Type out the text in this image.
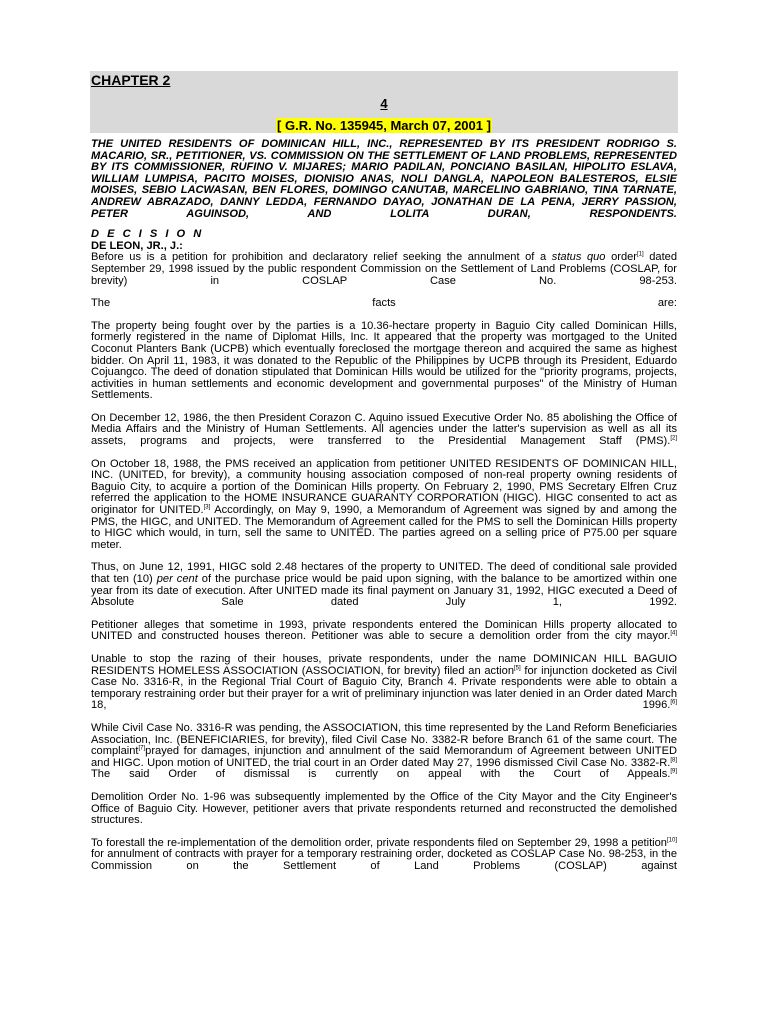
CHAPTER 2
4
[ G.R. No. 135945, March 07, 2001 ]

THE UNITED RESIDENTS OF DOMINICAN HILL, INC., REPRESENTED BY ITS PRESIDENT RODRIGO S. MACARIO, SR., PETITIONER, VS. COMMISSION ON THE SETTLEMENT OF LAND PROBLEMS, REPRESENTED BY ITS COMMISSIONER, RUFINO V. MIJARES; MARIO PADILAN, PONCIANO BASILAN, HIPOLITO ESLAVA, WILLIAM LUMPISA, PACITO MOISES, DIONISIO ANAS, NOLI DANGLA, NAPOLEON BALESTEROS, ELSIE MOISES, SEBIO LACWASAN, BEN FLORES, DOMINGO CANUTAB, MARCELINO GABRIANO, TINA TARNATE, ANDREW ABRAZADO, DANNY LEDDA, FERNANDO DAYAO, JONATHAN DE LA PENA, JERRY PASSION, PETER AGUINSOD, AND LOLITA DURAN, RESPONDENTS.

D E C I S I O N

DE LEON, JR., J.:

Before us is a petition for prohibition and declaratory relief seeking the annulment of a status quo order[1] dated September 29, 1998 issued by the public respondent Commission on the Settlement of Land Problems (COSLAP, for brevity) in COSLAP Case No. 98-253.

The facts are:

The property being fought over by the parties is a 10.36-hectare property in Baguio City called Dominican Hills, formerly registered in the name of Diplomat Hills, Inc. It appeared that the property was mortgaged to the United Coconut Planters Bank (UCPB) which eventually foreclosed the mortgage thereon and acquired the same as highest bidder. On April 11, 1983, it was donated to the Republic of the Philippines by UCPB through its President, Eduardo Cojuangco. The deed of donation stipulated that Dominican Hills would be utilized for the "priority programs, projects, activities in human settlements and economic development and governmental purposes" of the Ministry of Human Settlements.

On December 12, 1986, the then President Corazon C. Aquino issued Executive Order No. 85 abolishing the Office of Media Affairs and the Ministry of Human Settlements. All agencies under the latter's supervision as well as all its assets, programs and projects, were transferred to the Presidential Management Staff (PMS).[2]

On October 18, 1988, the PMS received an application from petitioner UNITED RESIDENTS OF DOMINICAN HILL, INC. (UNITED, for brevity), a community housing association composed of non-real property owning residents of Baguio City, to acquire a portion of the Dominican Hills property. On February 2, 1990, PMS Secretary Elfren Cruz referred the application to the HOME INSURANCE GUARANTY CORPORATION (HIGC). HIGC consented to act as originator for UNITED.[3] Accordingly, on May 9, 1990, a Memorandum of Agreement was signed by and among the PMS, the HIGC, and UNITED. The Memorandum of Agreement called for the PMS to sell the Dominican Hills property to HIGC which would, in turn, sell the same to UNITED. The parties agreed on a selling price of P75.00 per square meter.

Thus, on June 12, 1991, HIGC sold 2.48 hectares of the property to UNITED. The deed of conditional sale provided that ten (10) per cent of the purchase price would be paid upon signing, with the balance to be amortized within one year from its date of execution. After UNITED made its final payment on January 31, 1992, HIGC executed a Deed of Absolute Sale dated July 1, 1992.

Petitioner alleges that sometime in 1993, private respondents entered the Dominican Hills property allocated to UNITED and constructed houses thereon. Petitioner was able to secure a demolition order from the city mayor.[4]

Unable to stop the razing of their houses, private respondents, under the name DOMINICAN HILL BAGUIO RESIDENTS HOMELESS ASSOCIATION (ASSOCIATION, for brevity) filed an action[5] for injunction docketed as Civil Case No. 3316-R, in the Regional Trial Court of Baguio City, Branch 4. Private respondents were able to obtain a temporary restraining order but their prayer for a writ of preliminary injunction was later denied in an Order dated March 18, 1996.[6]

While Civil Case No. 3316-R was pending, the ASSOCIATION, this time represented by the Land Reform Beneficiaries Association, Inc. (BENEFICIARIES, for brevity), filed Civil Case No. 3382-R before Branch 61 of the same court. The complaint[7]prayed for damages, injunction and annulment of the said Memorandum of Agreement between UNITED and HIGC. Upon motion of UNITED, the trial court in an Order dated May 27, 1996 dismissed Civil Case No. 3382-R.[8] The said Order of dismissal is currently on appeal with the Court of Appeals.[9]

Demolition Order No. 1-96 was subsequently implemented by the Office of the City Mayor and the City Engineer's Office of Baguio City. However, petitioner avers that private respondents returned and reconstructed the demolished structures.

To forestall the re-implementation of the demolition order, private respondents filed on September 29, 1998 a petition[10] for annulment of contracts with prayer for a temporary restraining order, docketed as COSLAP Case No. 98-253, in the Commission on the Settlement of Land Problems (COSLAP) against
